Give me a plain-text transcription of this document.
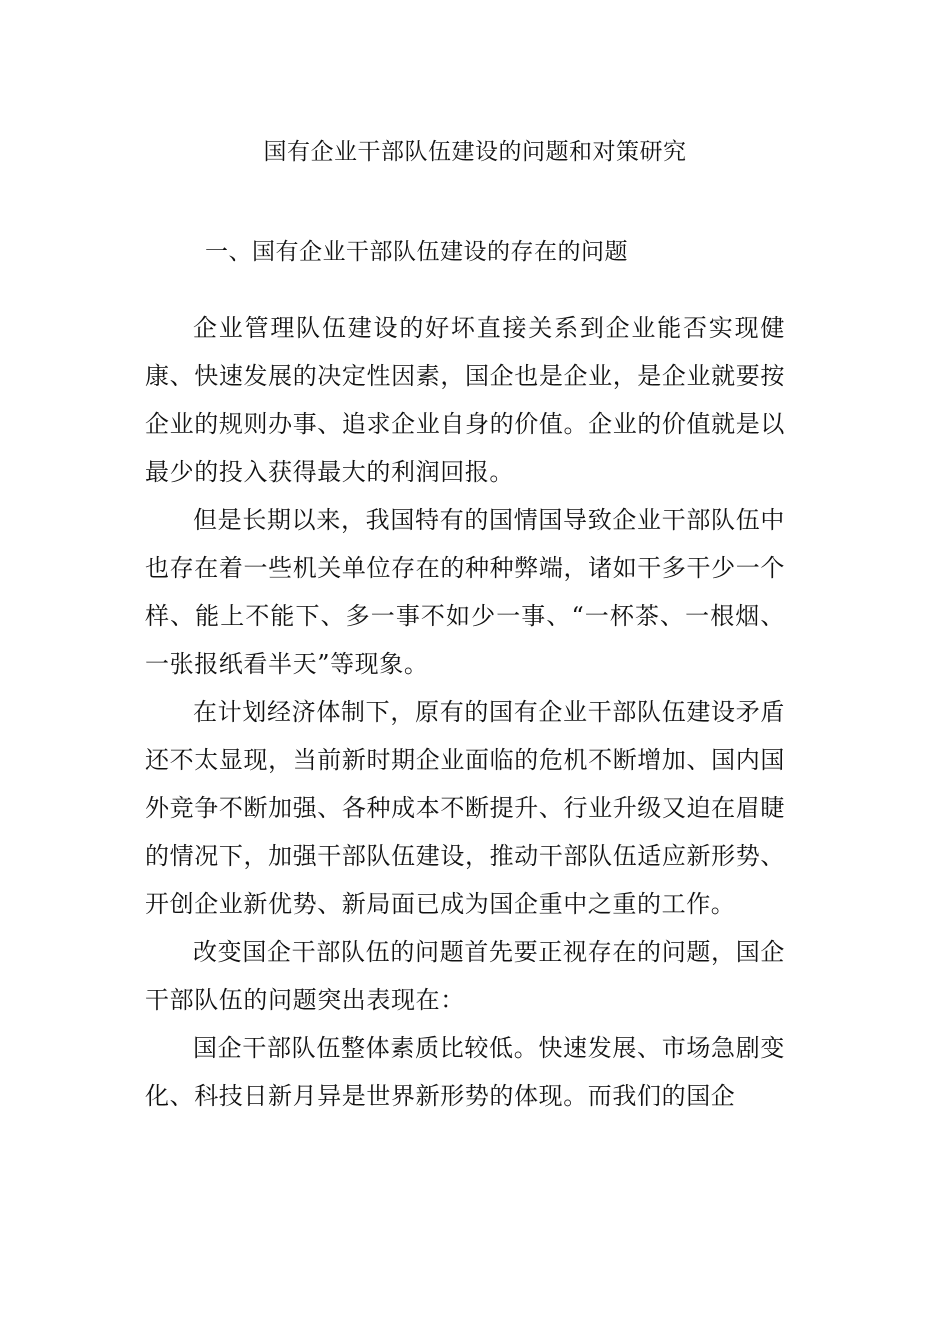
国有企业干部队伍建设的问题和对策研究
一、国有企业干部队伍建设的存在的问题

企业管理队伍建设的好坏直接关系到企业能否实现健康、快速发展的决定性因素，国企也是企业，是企业就要按企业的规则办事、追求企业自身的价值。企业的价值就是以最少的投入获得最大的利润回报。

但是长期以来，我国特有的国情国导致企业干部队伍中也存在着一些机关单位存在的种种弊端，诸如干多干少一个样、能上不能下、多一事不如少一事、“一杯茶、一根烟、一张报纸看半天”等现象。

在计划经济体制下，原有的国有企业干部队伍建设矛盾还不太显现，当前新时期企业面临的危机不断增加、国内国外竞争不断加强、各种成本不断提升、行业升级又迫在眉睫的情况下，加强干部队伍建设，推动干部队伍适应新形势、开创企业新优势、新局面已成为国企重中之重的工作。

改变国企干部队伍的问题首先要正视存在的问题，国企干部队伍的问题突出表现在：

国企干部队伍整体素质比较低。快速发展、市场急剧变化、科技日新月异是世界新形势的体现。而我们的国企
